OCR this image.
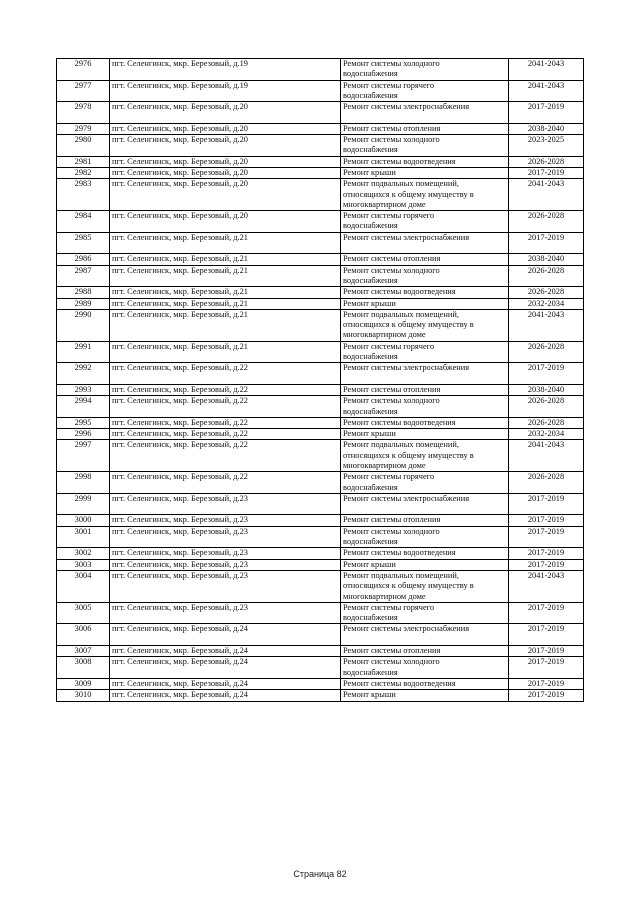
2976	пгт. Селенгинск, мкр. Березовый, д.19	Ремонт системы холодного
водоснабжения	2041-2043
2977	пгт. Селенгинск, мкр. Березовый, д.19	Ремонт системы горячего
водоснабжения	2041-2043
2978	пгт. Селенгинск, мкр. Березовый, д.20	Ремонт системы электроснабжения	2017-2019
2979	пгт. Селенгинск, мкр. Березовый, д.20	Ремонт системы отопления	2038-2040
2980	пгт. Селенгинск, мкр. Березовый, д.20	Ремонт системы холодного
водоснабжения	2023-2025
2981	пгт. Селенгинск, мкр. Березовый, д.20	Ремонт системы водоотведения	2026-2028
2982	пгт. Селенгинск, мкр. Березовый, д.20	Ремонт крыши	2017-2019
2983	пгт. Селенгинск, мкр. Березовый, д.20	Ремонт подвальных помещений,
относящихся к общему имуществу в
многоквартирном доме	2041-2043
2984	пгт. Селенгинск, мкр. Березовый, д.20	Ремонт системы горячего
водоснабжения	2026-2028
2985	пгт. Селенгинск, мкр. Березовый, д.21	Ремонт системы электроснабжения	2017-2019
2986	пгт. Селенгинск, мкр. Березовый, д.21	Ремонт системы отопления	2038-2040
2987	пгт. Селенгинск, мкр. Березовый, д.21	Ремонт системы холодного
водоснабжения	2026-2028
2988	пгт. Селенгинск, мкр. Березовый, д.21	Ремонт системы водоотведения	2026-2028
2989	пгт. Селенгинск, мкр. Березовый, д.21	Ремонт крыши	2032-2034
2990	пгт. Селенгинск, мкр. Березовый, д.21	Ремонт подвальных помещений,
относящихся к общему имуществу в
многоквартирном доме	2041-2043
2991	пгт. Селенгинск, мкр. Березовый, д.21	Ремонт системы горячего
водоснабжения	2026-2028
2992	пгт. Селенгинск, мкр. Березовый, д.22	Ремонт системы электроснабжения	2017-2019
2993	пгт. Селенгинск, мкр. Березовый, д.22	Ремонт системы отопления	2038-2040
2994	пгт. Селенгинск, мкр. Березовый, д.22	Ремонт системы холодного
водоснабжения	2026-2028
2995	пгт. Селенгинск, мкр. Березовый, д.22	Ремонт системы водоотведения	2026-2028
2996	пгт. Селенгинск, мкр. Березовый, д.22	Ремонт крыши	2032-2034
2997	пгт. Селенгинск, мкр. Березовый, д.22	Ремонт подвальных помещений,
относящихся к общему имуществу в
многоквартирном доме	2041-2043
2998	пгт. Селенгинск, мкр. Березовый, д.22	Ремонт системы горячего
водоснабжения	2026-2028
2999	пгт. Селенгинск, мкр. Березовый, д.23	Ремонт системы электроснабжения	2017-2019
3000	пгт. Селенгинск, мкр. Березовый, д.23	Ремонт системы отопления	2017-2019
3001	пгт. Селенгинск, мкр. Березовый, д.23	Ремонт системы холодного
водоснабжения	2017-2019
3002	пгт. Селенгинск, мкр. Березовый, д.23	Ремонт системы водоотведения	2017-2019
3003	пгт. Селенгинск, мкр. Березовый, д.23	Ремонт крыши	2017-2019
3004	пгт. Селенгинск, мкр. Березовый, д.23	Ремонт подвальных помещений,
относящихся к общему имуществу в
многоквартирном доме	2041-2043
3005	пгт. Селенгинск, мкр. Березовый, д.23	Ремонт системы горячего
водоснабжения	2017-2019
3006	пгт. Селенгинск, мкр. Березовый, д.24	Ремонт системы электроснабжения	2017-2019
3007	пгт. Селенгинск, мкр. Березовый, д.24	Ремонт системы отопления	2017-2019
3008	пгт. Селенгинск, мкр. Березовый, д.24	Ремонт системы холодного
водоснабжения	2017-2019
3009	пгт. Селенгинск, мкр. Березовый, д.24	Ремонт системы водоотведения	2017-2019
3010	пгт. Селенгинск, мкр. Березовый, д.24	Ремонт крыши	2017-2019
Страница 82
